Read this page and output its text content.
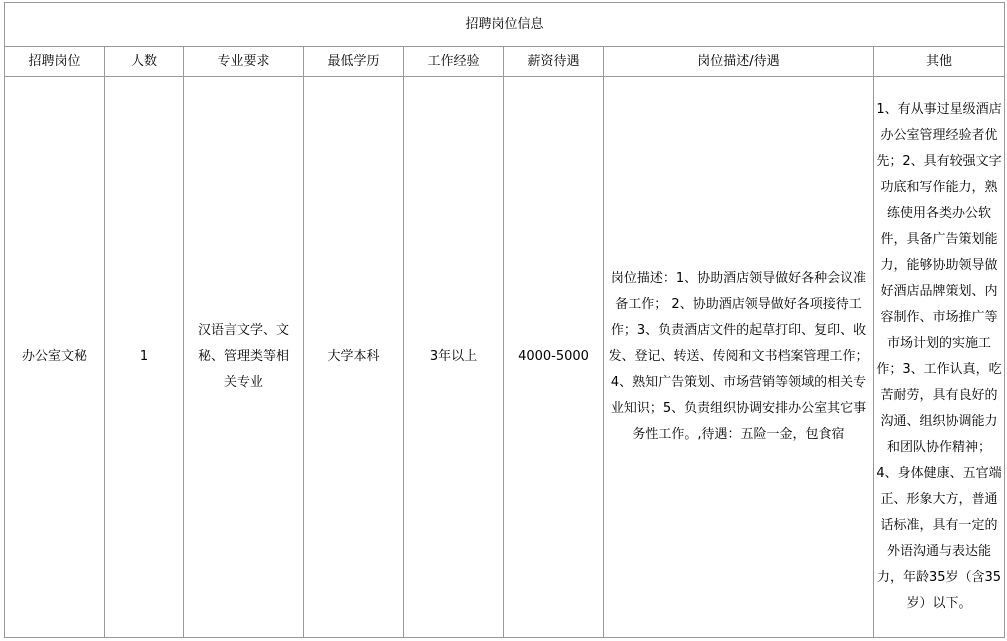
招聘岗位信息							
招聘岗位	人数	专业要求	最低学历	工作经验	薪资待遇	岗位描述/待遇	其他
办公室文秘	1	汉语言文学、文秘、管理类等相关专业	大学本科	3年以上	4000-5000	岗位描述：1、协助酒店领导做好各种会议准备工作； 2、协助酒店领导做好各项接待工作；3、负责酒店文件的起草打印、复印、收发、登记、转送、传阅和文书档案管理工作； 4、熟知广告策划、市场营销等领域的相关专业知识；5、负责组织协调安排办公室其它事务性工作。,待遇：五险一金，包食宿	1、有从事过星级酒店办公室管理经验者优先；2、具有较强文字功底和写作能力，熟练使用各类办公软件，具备广告策划能力，能够协助领导做好酒店品牌策划、内容制作、市场推广等市场计划的实施工作；3、工作认真，吃苦耐劳，具有良好的沟通、组织协调能力和团队协作精神； 4、身体健康、五官端正、形象大方，普通话标准，具有一定的外语沟通与表达能力，年龄35岁（含35岁）以下。
